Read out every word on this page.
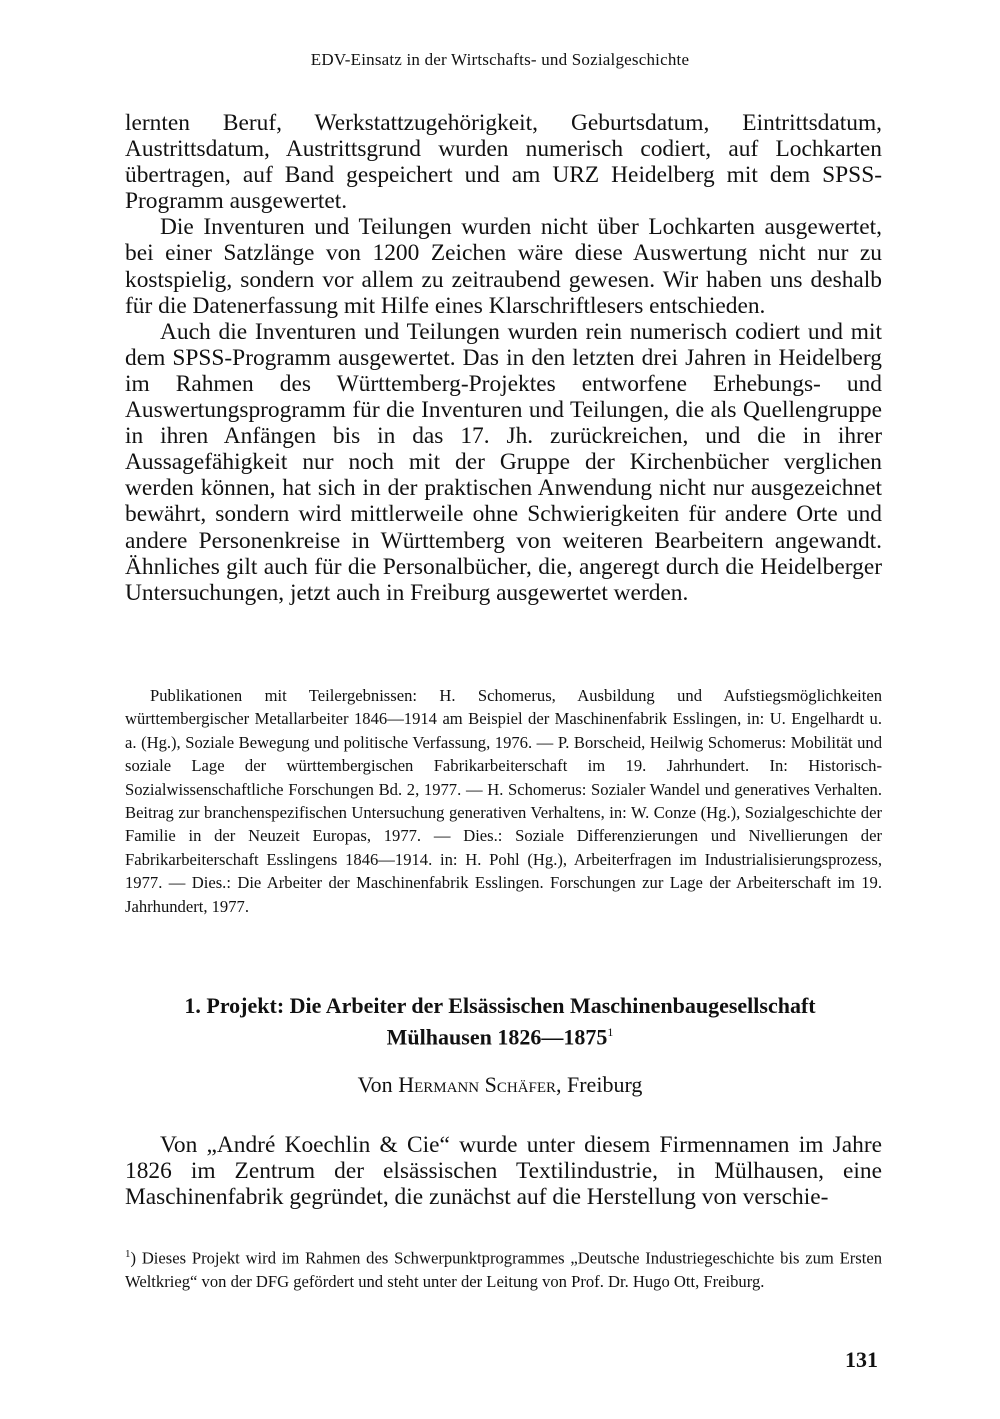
EDV-Einsatz in der Wirtschafts- und Sozialgeschichte

lernten Beruf, Werkstattzugehörigkeit, Geburtsdatum, Eintrittsdatum, Austrittsdatum, Austrittsgrund wurden numerisch codiert, auf Lochkarten übertragen, auf Band gespeichert und am URZ Heidelberg mit dem SPSS-Programm ausgewertet.

Die Inventuren und Teilungen wurden nicht über Lochkarten ausgewertet, bei einer Satzlänge von 1200 Zeichen wäre diese Auswertung nicht nur zu kostspielig, sondern vor allem zu zeitraubend gewesen. Wir haben uns deshalb für die Datenerfassung mit Hilfe eines Klarschriftlesers entschieden.

Auch die Inventuren und Teilungen wurden rein numerisch codiert und mit dem SPSS-Programm ausgewertet. Das in den letzten drei Jahren in Heidelberg im Rahmen des Württemberg-Projektes entworfene Erhebungs- und Auswertungsprogramm für die Inventuren und Teilungen, die als Quellengruppe in ihren Anfängen bis in das 17. Jh. zurückreichen, und die in ihrer Aussagefähigkeit nur noch mit der Gruppe der Kirchenbücher verglichen werden können, hat sich in der praktischen Anwendung nicht nur ausgezeichnet bewährt, sondern wird mittlerweile ohne Schwierigkeiten für andere Orte und andere Personenkreise in Württemberg von weiteren Bearbeitern angewandt. Ähnliches gilt auch für die Personalbücher, die, angeregt durch die Heidelberger Untersuchungen, jetzt auch in Freiburg ausgewertet werden.

Publikationen mit Teilergebnissen: H. Schomerus, Ausbildung und Aufstiegsmöglichkeiten württembergischer Metallarbeiter 1846—1914 am Beispiel der Maschinenfabrik Esslingen, in: U. Engelhardt u. a. (Hg.), Soziale Bewegung und politische Verfassung, 1976. — P. Borscheid, Heilwig Schomerus: Mobilität und soziale Lage der württembergischen Fabrikarbeiterschaft im 19. Jahrhundert. In: Historisch-Sozialwissenschaftliche Forschungen Bd. 2, 1977. — H. Schomerus: Sozialer Wandel und generatives Verhalten. Beitrag zur branchenspezifischen Untersuchung generativen Verhaltens, in: W. Conze (Hg.), Sozialgeschichte der Familie in der Neuzeit Europas, 1977. — Dies.: Soziale Differenzierungen und Nivellierungen der Fabrikarbeiterschaft Esslingens 1846—1914. in: H. Pohl (Hg.), Arbeiterfragen im Industrialisierungsprozess, 1977. — Dies.: Die Arbeiter der Maschinenfabrik Esslingen. Forschungen zur Lage der Arbeiterschaft im 19. Jahrhundert, 1977.
1. Projekt: Die Arbeiter der Elsässischen Maschinenbaugesellschaft
Mülhausen 1826—1875$^1$
Von Hermann Schäfer, Freiburg

Von „André Koechlin & Cie“ wurde unter diesem Firmennamen im Jahre 1826 im Zentrum der elsässischen Textilindustrie, in Mülhausen, eine Maschinenfabrik gegründet, die zunächst auf die Herstellung von verschie-

$^1$) Dieses Projekt wird im Rahmen des Schwerpunktprogrammes „Deutsche Industriegeschichte bis zum Ersten Weltkrieg“ von der DFG gefördert und steht unter der Leitung von Prof. Dr. Hugo Ott, Freiburg.
131
